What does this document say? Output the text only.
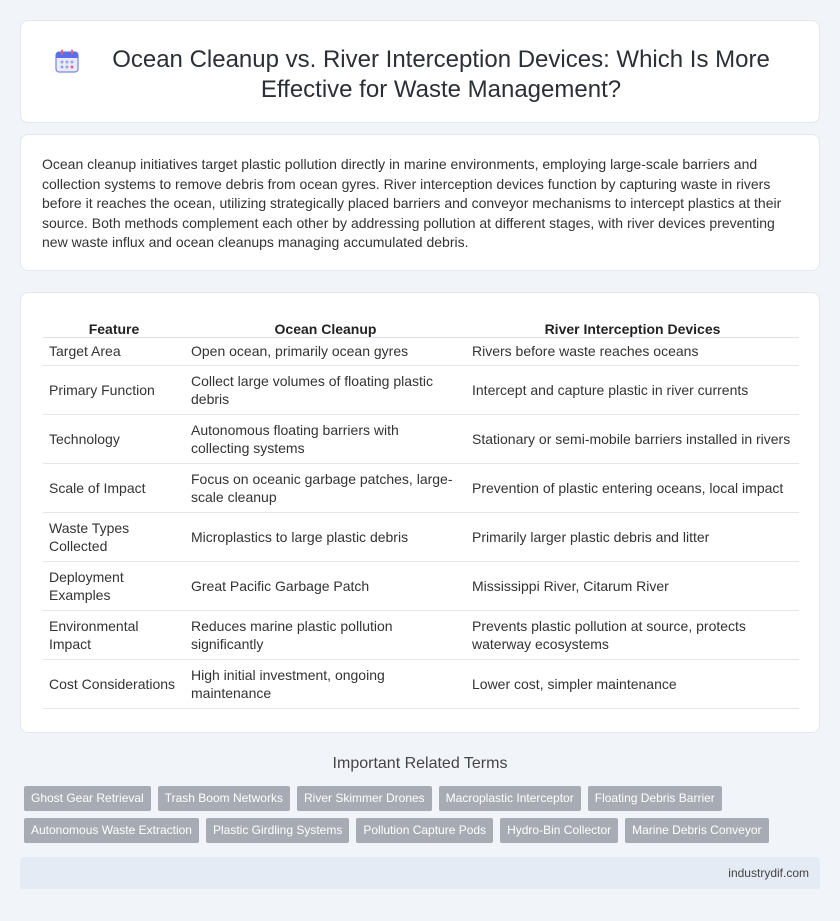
Ocean Cleanup vs. River Interception Devices: Which Is More Effective for Waste Management?

Ocean cleanup initiatives target plastic pollution directly in marine environments, employing large-scale barriers and collection systems to remove debris from ocean gyres. River interception devices function by capturing waste in rivers before it reaches the ocean, utilizing strategically placed barriers and conveyor mechanisms to intercept plastics at their source. Both methods complement each other by addressing pollution at different stages, with river devices preventing new waste influx and ocean cleanups managing accumulated debris.

Feature	Ocean Cleanup	River Interception Devices
Target Area	Open ocean, primarily ocean gyres	Rivers before waste reaches oceans
Primary Function	Collect large volumes of floating plastic debris	Intercept and capture plastic in river currents
Technology	Autonomous floating barriers with collecting systems	Stationary or semi-mobile barriers installed in rivers
Scale of Impact	Focus on oceanic garbage patches, large-scale cleanup	Prevention of plastic entering oceans, local impact
Waste Types Collected	Microplastics to large plastic debris	Primarily larger plastic debris and litter
Deployment Examples	Great Pacific Garbage Patch	Mississippi River, Citarum River
Environmental Impact	Reduces marine plastic pollution significantly	Prevents plastic pollution at source, protects waterway ecosystems
Cost Considerations	High initial investment, ongoing maintenance	Lower cost, simpler maintenance
Important Related Terms
Ghost Gear Retrieval	Trash Boom Networks	River Skimmer Drones	Macroplastic Interceptor	Floating Debris Barrier
Autonomous Waste Extraction	Plastic Girdling Systems	Pollution Capture Pods	Hydro-Bin Collector	Marine Debris Conveyor
industrydif.com
